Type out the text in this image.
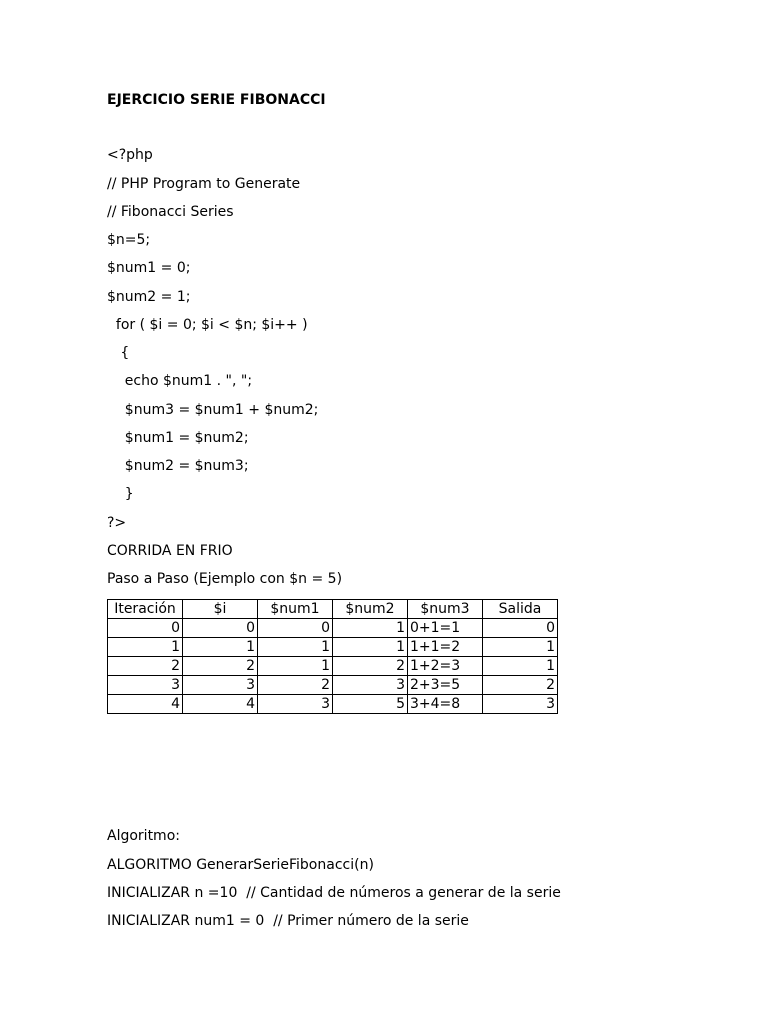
EJERCICIO SERIE FIBONACCI
<?php
// PHP Program to Generate
// Fibonacci Series
$n=5;
$num1 = 0;
$num2 = 1;
for ( $i = 0; $i < $n; $i++ )
{
echo $num1 . ", ";
$num3 = $num1 + $num2;
$num1 = $num2;
$num2 = $num3;
}
?>
CORRIDA EN FRIO
Paso a Paso (Ejemplo con $n = 5)
Iteración	$i	$num1	$num2	$num3	Salida
0	0	0	1	0+1=1	0
1	1	1	1	1+1=2	1
2	2	1	2	1+2=3	1
3	3	2	3	2+3=5	2
4	4	3	5	3+4=8	3
Algoritmo:
ALGORITMO GenerarSerieFibonacci(n)
INICIALIZAR n =10  // Cantidad de números a generar de la serie
INICIALIZAR num1 = 0  // Primer número de la serie
